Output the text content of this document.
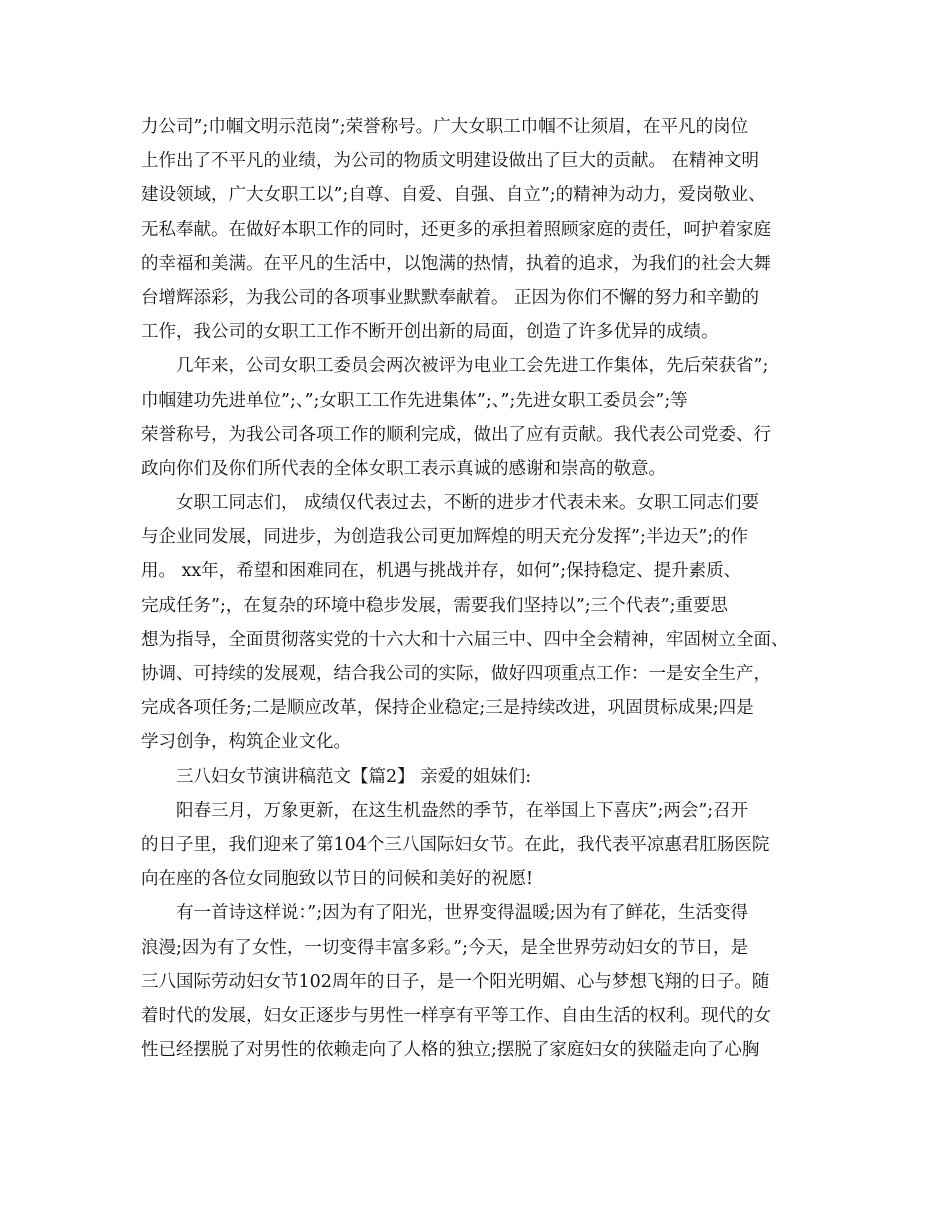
力公司”;巾帼文明示范岗”;荣誉称号。广大女职工巾帼不让须眉，在平凡的岗位
上作出了不平凡的业绩，为公司的物质文明建设做出了巨大的贡献。 在精神文明
建设领域，广大女职工以”;自尊、自爱、自强、自立”;的精神为动力，爱岗敬业、
无私奉献。在做好本职工作的同时，还更多的承担着照顾家庭的责任，呵护着家庭
的幸福和美满。在平凡的生活中，以饱满的热情，执着的追求，为我们的社会大舞
台增辉添彩，为我公司的各项事业默默奉献着。 正因为你们不懈的努力和辛勤的
工作，我公司的女职工工作不断开创出新的局面，创造了许多优异的成绩。
几年来，公司女职工委员会两次被评为电业工会先进工作集体，先后荣获省”;
巾帼建功先进单位”;、”;女职工工作先进集体”;、”;先进女职工委员会”;等
荣誉称号，为我公司各项工作的顺利完成，做出了应有贡献。我代表公司党委、行
政向你们及你们所代表的全体女职工表示真诚的感谢和崇高的敬意。
女职工同志们， 成绩仅代表过去，不断的进步才代表未来。女职工同志们要
与企业同发展，同进步，为创造我公司更加辉煌的明天充分发挥”;半边天”;的作
用。 xx年，希望和困难同在，机遇与挑战并存，如何”;保持稳定、提升素质、
完成任务”;，在复杂的环境中稳步发展，需要我们坚持以”;三个代表”;重要思
想为指导，全面贯彻落实党的十六大和十六届三中、四中全会精神，牢固树立全面、
协调、可持续的发展观，结合我公司的实际，做好四项重点工作：一是安全生产，
完成各项任务;二是顺应改革，保持企业稳定;三是持续改进，巩固贯标成果;四是
学习创争，构筑企业文化。
三八妇女节演讲稿范文【篇2】 亲爱的姐妹们:
阳春三月，万象更新，在这生机盎然的季节，在举国上下喜庆”;两会”;召开
的日子里，我们迎来了第104个三八国际妇女节。在此，我代表平凉惠君肛肠医院
向在座的各位女同胞致以节日的问候和美好的祝愿!
有一首诗这样说：”;因为有了阳光，世界变得温暖;因为有了鲜花，生活变得
浪漫;因为有了女性，一切变得丰富多彩。”;今天，是全世界劳动妇女的节日，是
三八国际劳动妇女节102周年的日子，是一个阳光明媚、心与梦想飞翔的日子。随
着时代的发展，妇女正逐步与男性一样享有平等工作、自由生活的权利。现代的女
性已经摆脱了对男性的依赖走向了人格的独立;摆脱了家庭妇女的狭隘走向了心胸
